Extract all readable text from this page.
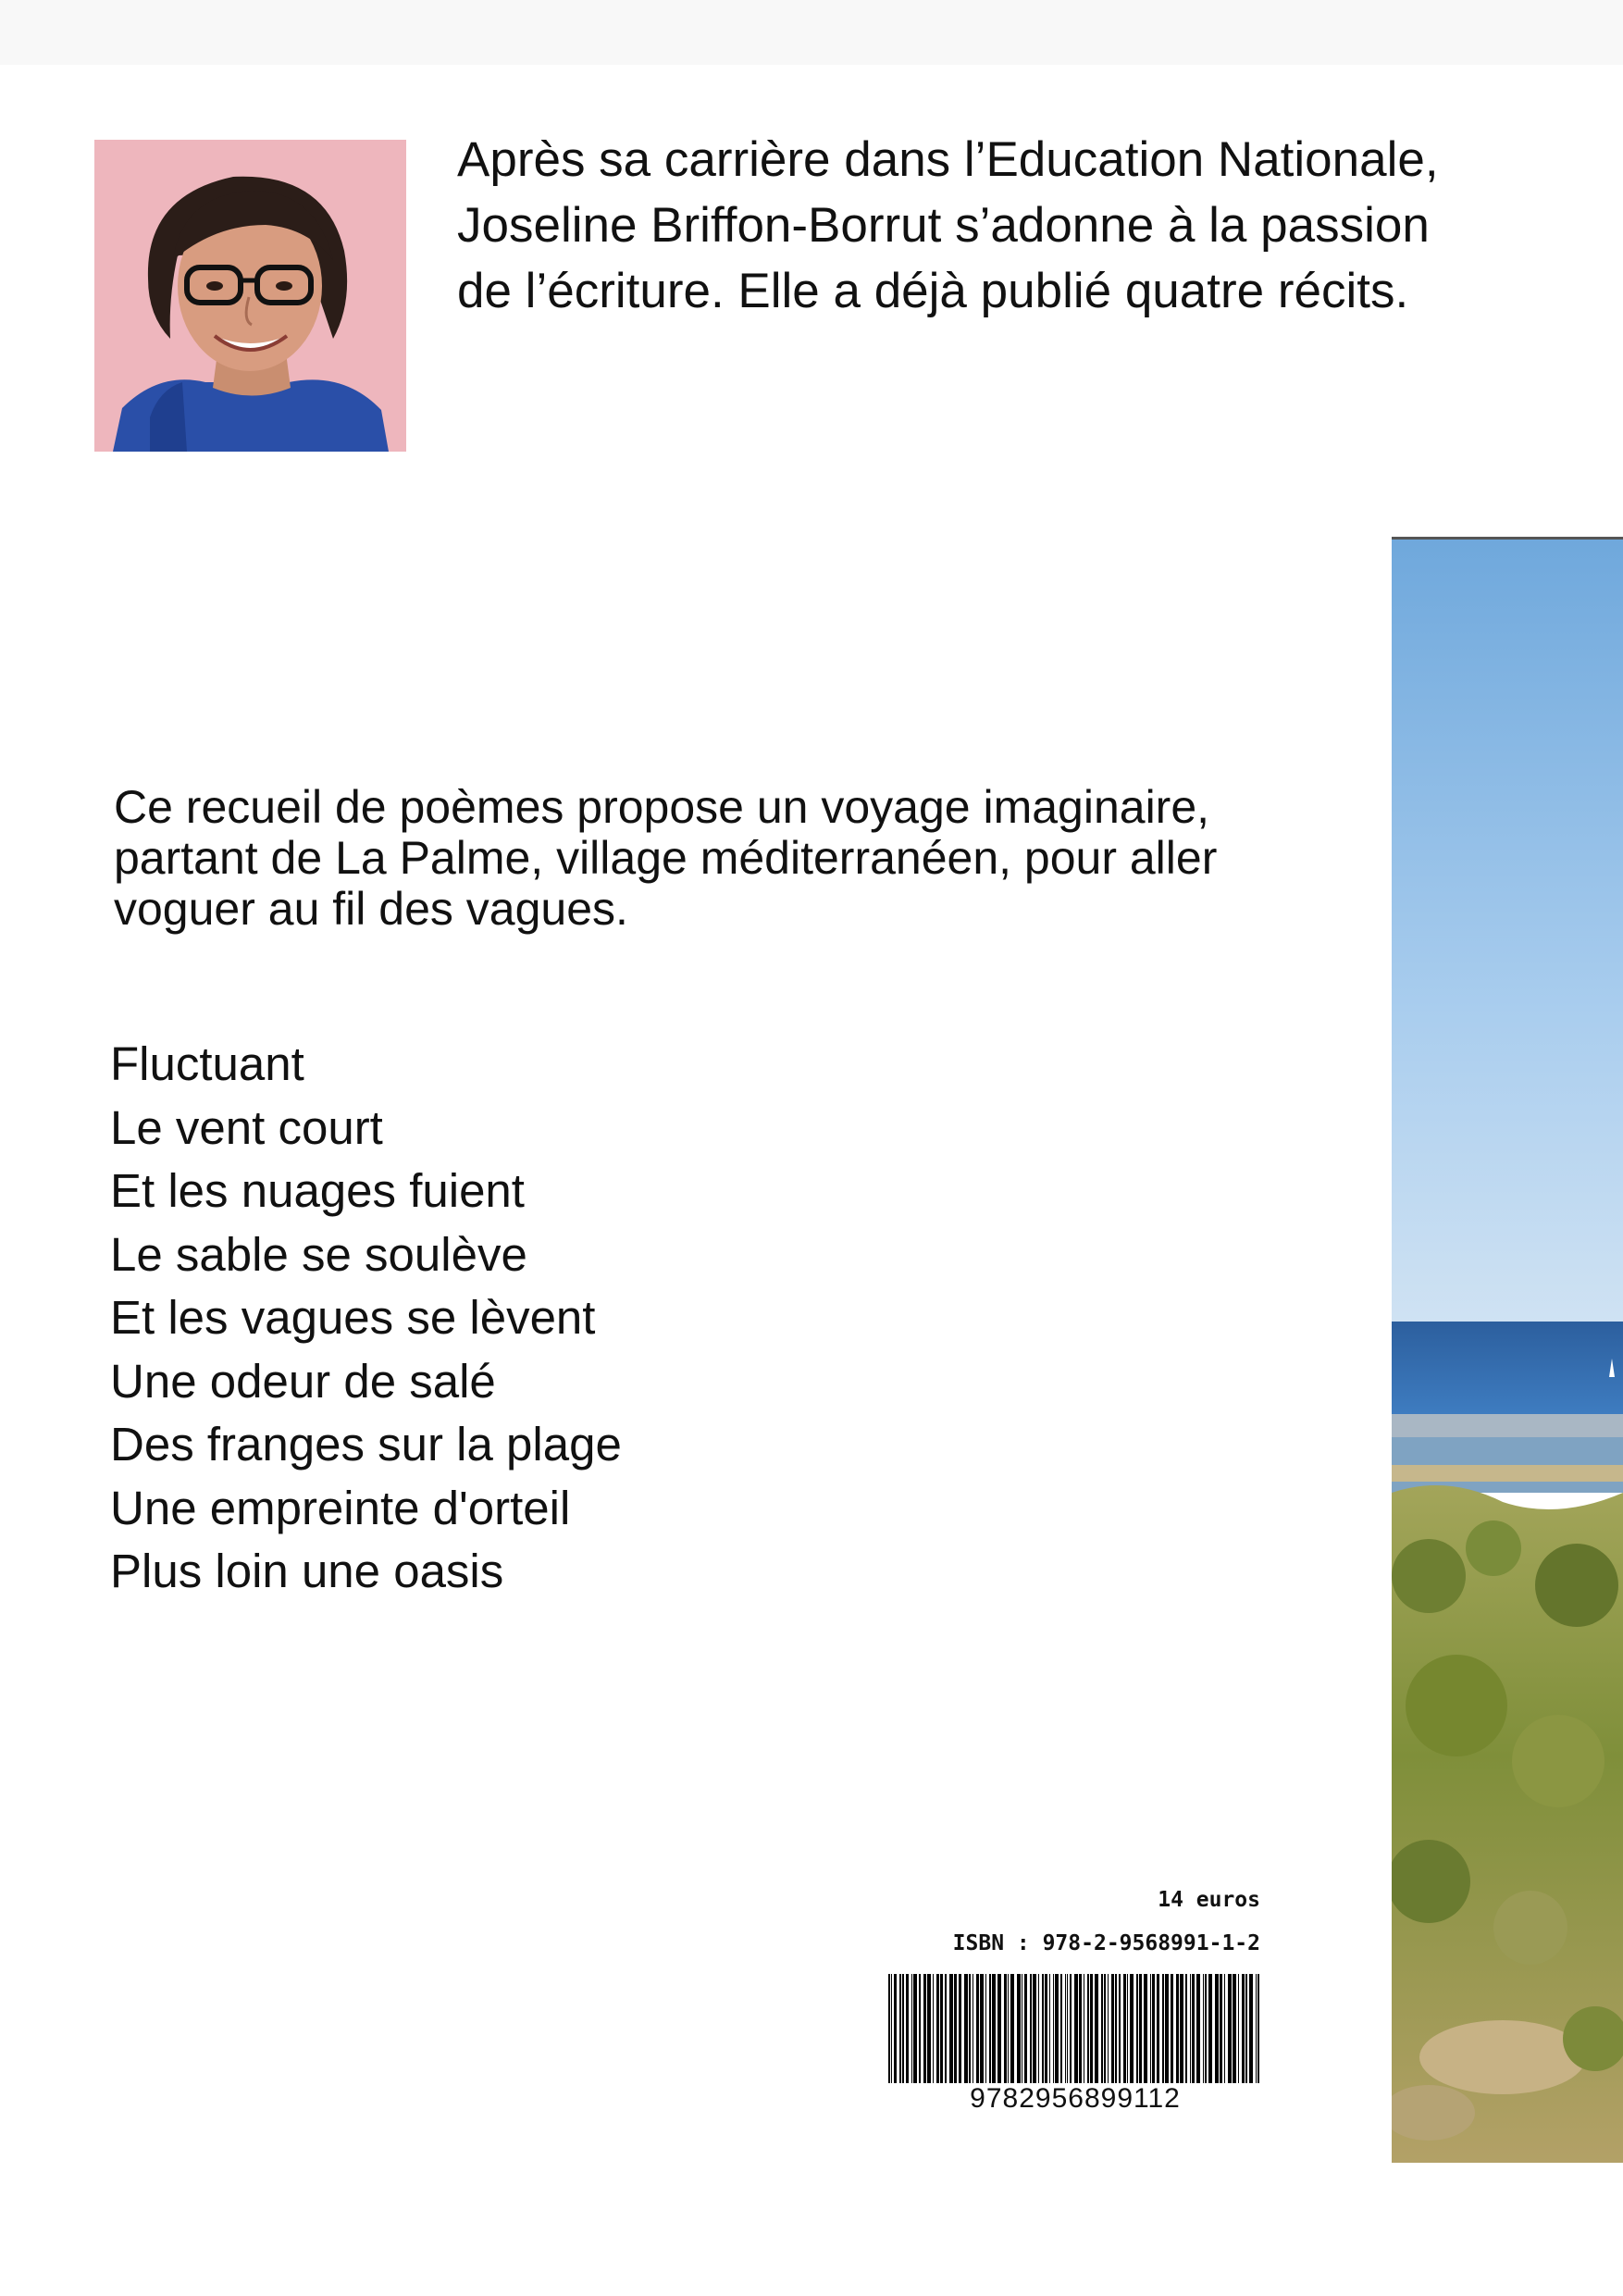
Après sa carrière dans l’Education Nationale,
Joseline Briffon-Borrut s’adonne à la passion
de l’écriture. Elle a déjà publié quatre récits.
Ce recueil de poèmes propose un voyage imaginaire,
partant de La Palme, village méditerranéen, pour aller
voguer au fil des vagues.
Fluctuant
Le vent court
Et les nuages fuient
Le sable se soulève
Et les vagues se lèvent
Une odeur de salé
Des franges sur la plage
Une empreinte d'orteil
Plus loin une oasis
14 euros
ISBN : 978-2-9568991-1-2
9782956899112
